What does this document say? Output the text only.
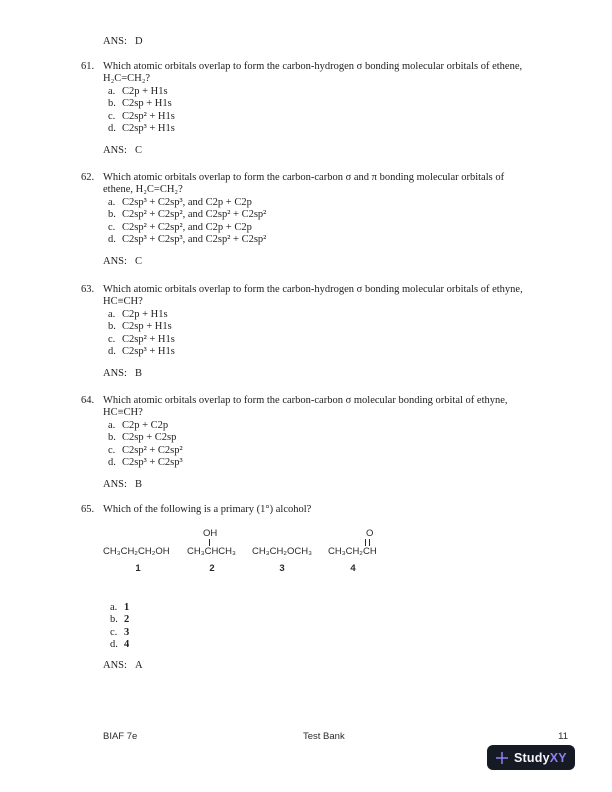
ANS: D
61. Which atomic orbitals overlap to form the carbon-hydrogen σ bonding molecular orbitals of ethene,
H₂C=CH₂?
a. C2p + H1s
b. C2sp + H1s
c. C2sp² + H1s
d. C2sp³ + H1s
ANS: C
62. Which atomic orbitals overlap to form the carbon-carbon σ and π bonding molecular orbitals of
ethene, H₂C=CH₂?
a. C2sp³ + C2sp³, and C2p + C2p
b. C2sp² + C2sp², and C2sp² + C2sp²
c. C2sp² + C2sp², and C2p + C2p
d. C2sp³ + C2sp³, and C2sp² + C2sp²
ANS: C
63. Which atomic orbitals overlap to form the carbon-hydrogen σ bonding molecular orbitals of ethyne,
HC≡CH?
a. C2p + H1s
b. C2sp + H1s
c. C2sp² + H1s
d. C2sp³ + H1s
ANS: B
64. Which atomic orbitals overlap to form the carbon-carbon σ molecular bonding orbital of ethyne,
HC≡CH?
a. C2p + C2p
b. C2sp + C2sp
c. C2sp² + C2sp²
d. C2sp³ + C2sp³
ANS: B
65. Which of the following is a primary (1°) alcohol?
CH₃CH₂CH₂OH
1
OH
CH₃CHCH₃
2
CH₃CH₂OCH₃
3
O
CH₃CH₂CH
4
a. 1
b. 2
c. 3
d. 4
ANS: A
BIAF 7e	Test Bank	11
StudyXY
